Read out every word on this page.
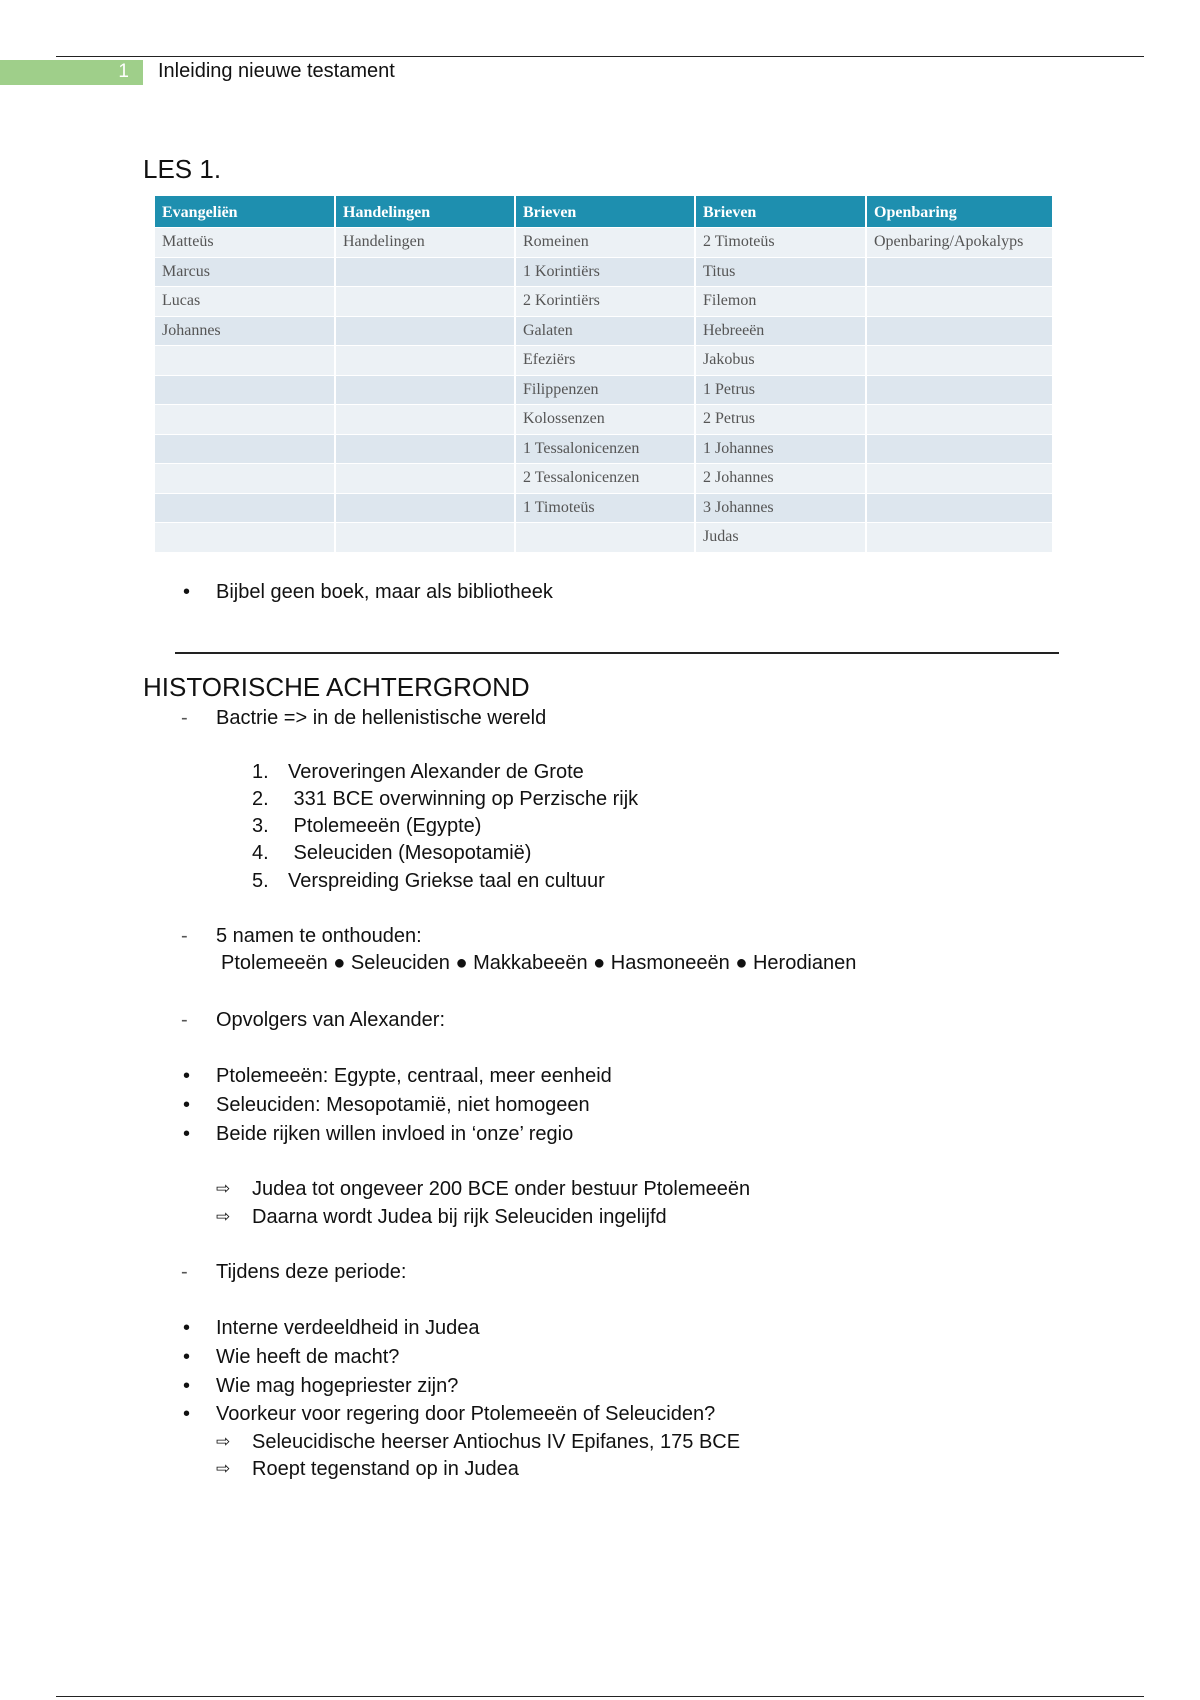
1 Inleiding nieuwe testament
LES 1.
Evangeliën	Handelingen	Brieven	Brieven	Openbaring
Matteüs	Handelingen	Romeinen	2 Timoteüs	Openbaring/Apokalyps
Marcus		1 Korintiërs	Titus	
Lucas		2 Korintiërs	Filemon	
Johannes		Galaten	Hebreeën	
		Efeziërs	Jakobus	
		Filippenzen	1 Petrus	
		Kolossenzen	2 Petrus	
		1 Tessalonicenzen	1 Johannes	
		2 Tessalonicenzen	2 Johannes	
		1 Timoteüs	3 Johannes	
			Judas	
• Bijbel geen boek, maar als bibliotheek
HISTORISCHE ACHTERGROND
- Bactrie => in de hellenistische wereld
1. Veroveringen Alexander de Grote
2. 331 BCE overwinning op Perzische rijk
3. Ptolemeeën (Egypte)
4. Seleuciden (Mesopotamië)
5. Verspreiding Griekse taal en cultuur
- 5 namen te onthouden:
Ptolemeeën ● Seleuciden ● Makkabeeën ● Hasmoneeën ● Herodianen
- Opvolgers van Alexander:
• Ptolemeeën: Egypte, centraal, meer eenheid
• Seleuciden: Mesopotamië, niet homogeen
• Beide rijken willen invloed in ‘onze’ regio
⇨ Judea tot ongeveer 200 BCE onder bestuur Ptolemeeën
⇨ Daarna wordt Judea bij rijk Seleuciden ingelijfd
- Tijdens deze periode:
• Interne verdeeldheid in Judea
• Wie heeft de macht?
• Wie mag hogepriester zijn?
• Voorkeur voor regering door Ptolemeeën of Seleuciden?
⇨ Seleucidische heerser Antiochus IV Epifanes, 175 BCE
⇨ Roept tegenstand op in Judea
